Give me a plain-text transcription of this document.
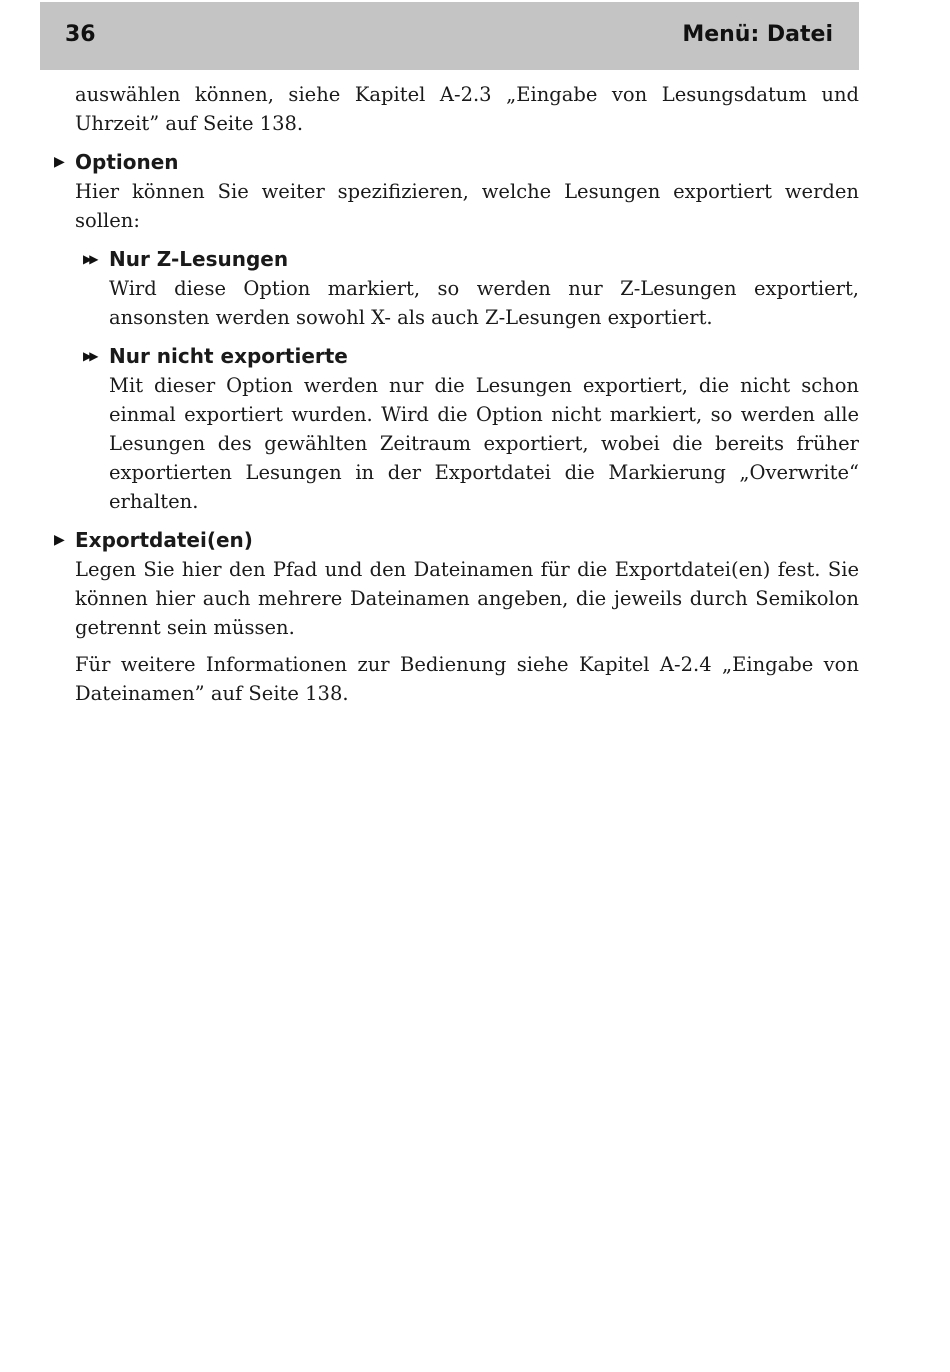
36	Menü: Datei

auswählen können, siehe Kapitel A-2.3 „Eingabe von Lesungsdatum und Uhrzeit” auf Seite 138.

▶ Optionen

Hier können Sie weiter spezifizieren, welche Lesungen exportiert werden sollen:

▶▶ Nur Z-Lesungen

Wird diese Option markiert, so werden nur Z-Lesungen exportiert, ansonsten werden sowohl X- als auch Z-Lesungen exportiert.

▶▶ Nur nicht exportierte

Mit dieser Option werden nur die Lesungen exportiert, die nicht schon einmal exportiert wurden. Wird die Option nicht markiert, so werden alle Lesungen des gewählten Zeitraum exportiert, wobei die bereits früher exportierten Lesungen in der Exportdatei die Markierung „Overwrite“ erhalten.

▶ Exportdatei(en)

Legen Sie hier den Pfad und den Dateinamen für die Exportdatei(en) fest. Sie können hier auch mehrere Dateinamen angeben, die jeweils durch Semikolon getrennt sein müssen.

Für weitere Informationen zur Bedienung siehe Kapitel A-2.4 „Eingabe von Dateinamen” auf Seite 138.
